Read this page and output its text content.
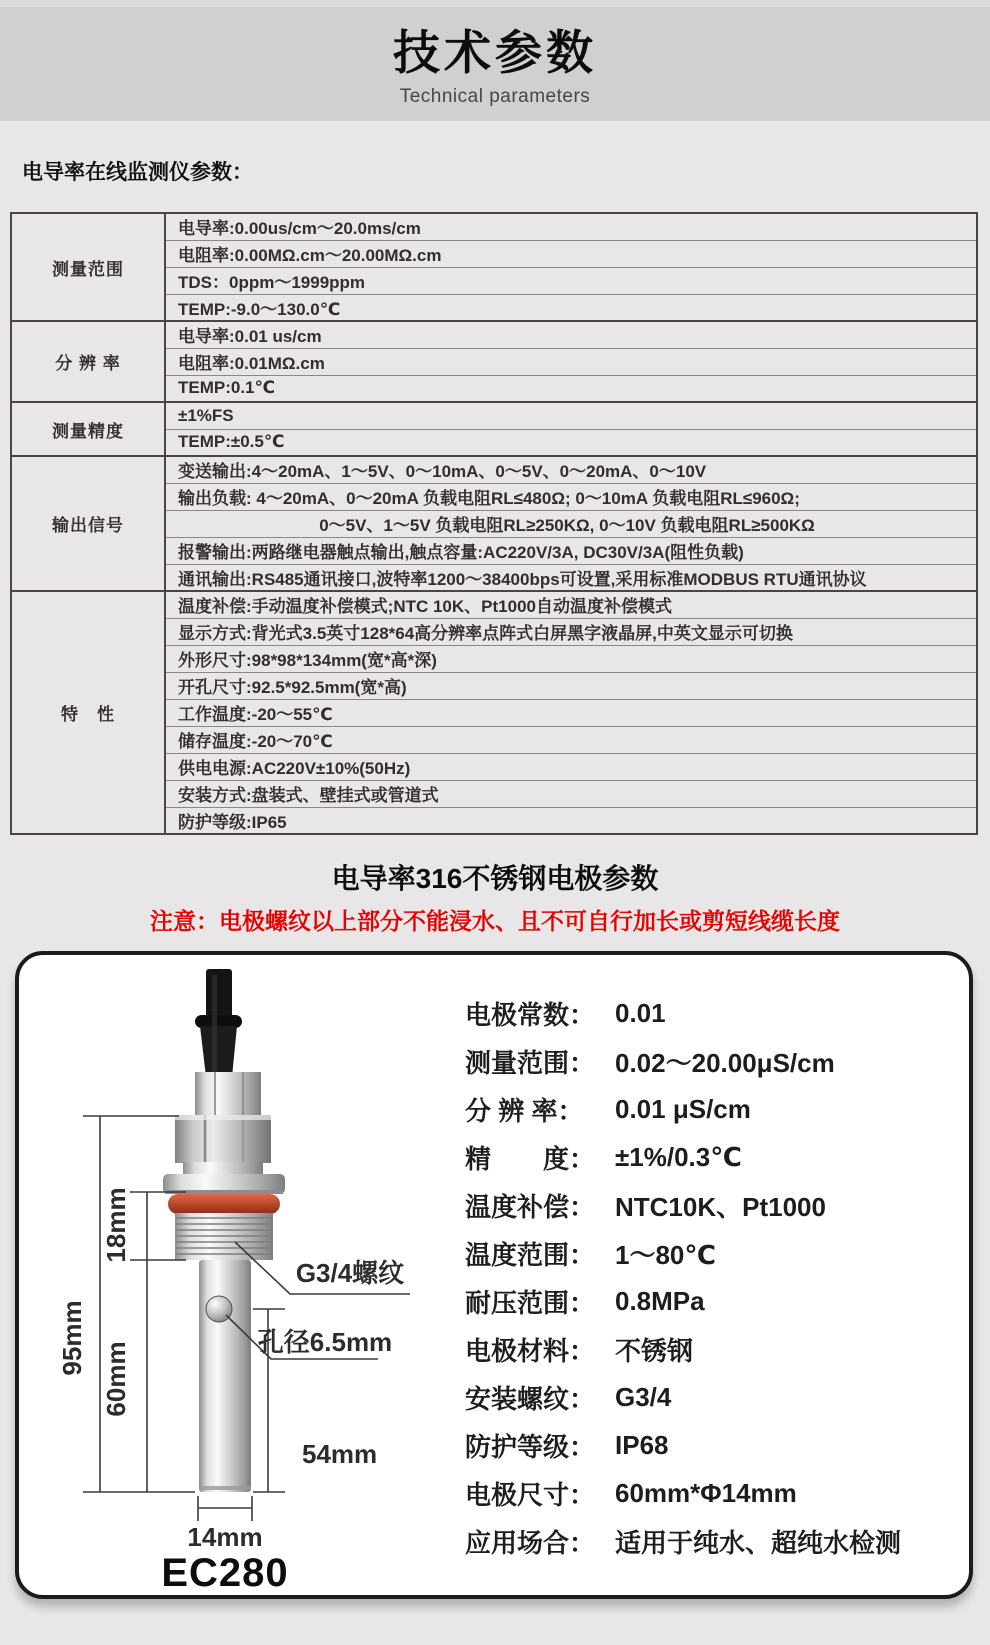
技术参数
Technical parameters
电导率在线监测仪参数：
测量范围	电导率:0.00us/cm～20.0ms/cm
	电阻率:0.00MΩ.cm～20.00MΩ.cm
	TDS：0ppm～1999ppm
	TEMP:-9.0～130.0℃
分 辨 率	电导率:0.01 us/cm
	电阻率:0.01MΩ.cm
	TEMP:0.1℃
测量精度	±1%FS
	TEMP:±0.5℃
输出信号	变送输出:4～20mA、1～5V、0～10mA、0～5V、0～20mA、0～10V
	输出负载: 4～20mA、0～20mA 负载电阻RL≤480Ω; 0～10mA 负载电阻RL≤960Ω;
	0～5V、1～5V 负载电阻RL≥250KΩ, 0～10V 负载电阻RL≥500KΩ
	报警输出:两路继电器触点输出,触点容量:AC220V/3A, DC30V/3A(阻性负载)
	通讯输出:RS485通讯接口,波特率1200～38400bps可设置,采用标准MODBUS RTU通讯协议
特　性	温度补偿:手动温度补偿模式;NTC 10K、Pt1000自动温度补偿模式
	显示方式:背光式3.5英寸128*64高分辨率点阵式白屏黑字液晶屏,中英文显示可切换
	外形尺寸:98*98*134mm(宽*高*深)
	开孔尺寸:92.5*92.5mm(宽*高)
	工作温度:-20～55℃
	储存温度:-20～70℃
	供电电源:AC220V±10%(50Hz)
	安装方式:盘装式、壁挂式或管道式
	防护等级:IP65
电导率316不锈钢电极参数
注意：电极螺纹以上部分不能浸水、且不可自行加长或剪短线缆长度
95mm
18mm
60mm
54mm
14mm
G3/4螺纹
孔径6.5mm
EC280
电极常数： 0.01
测量范围： 0.02～20.00μS/cm
分 辨 率：	0.01 μS/cm
精　　度： ±1%/0.3℃
温度补偿： NTC10K、Pt1000
温度范围： 1～80℃
耐压范围： 0.8MPa
电极材料： 不锈钢
安装螺纹： G3/4
防护等级： IP68
电极尺寸： 60mm*Φ14mm
应用场合： 适用于纯水、超纯水检测
